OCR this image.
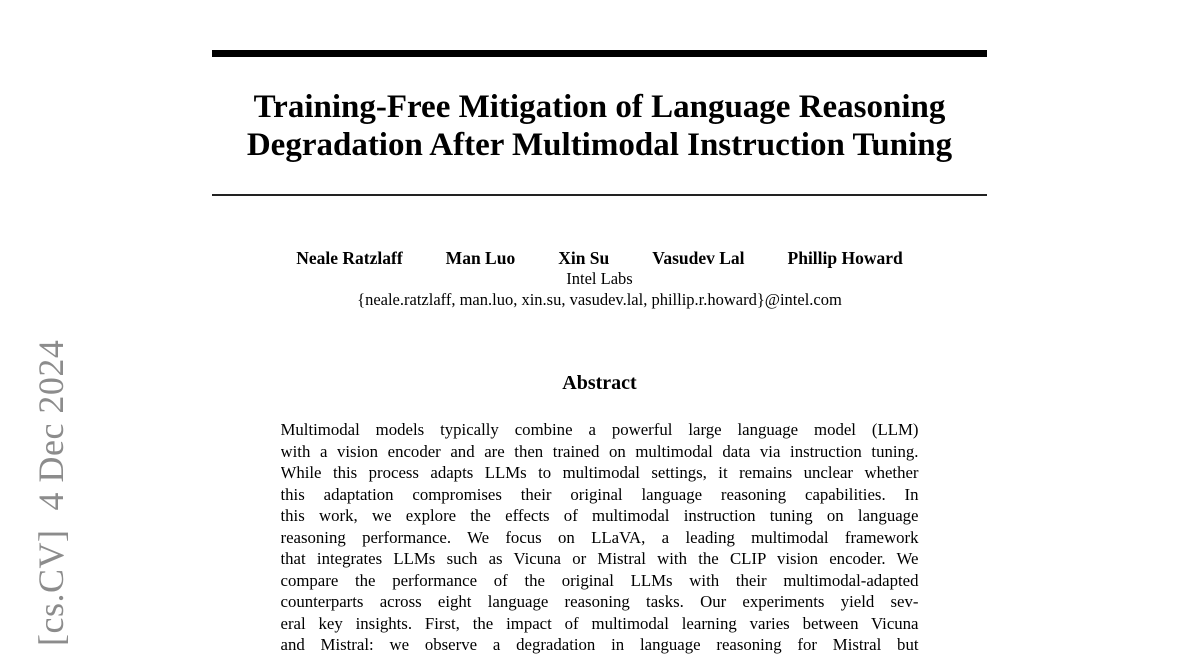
[cs.CV]  4 Dec 2024
Training-Free Mitigation of Language Reasoning
Degradation After Multimodal Instruction Tuning
Neale Ratzlaff Man Luo Xin Su Vasudev Lal Phillip Howard
Intel Labs
{neale.ratzlaff, man.luo, xin.su, vasudev.lal, phillip.r.howard}@intel.com
Abstract
Multimodal models typically combine a powerful large language model (LLM)
with a vision encoder and are then trained on multimodal data via instruction tuning.
While this process adapts LLMs to multimodal settings, it remains unclear whether
this adaptation compromises their original language reasoning capabilities. In
this work, we explore the effects of multimodal instruction tuning on language
reasoning performance. We focus on LLaVA, a leading multimodal framework
that integrates LLMs such as Vicuna or Mistral with the CLIP vision encoder. We
compare the performance of the original LLMs with their multimodal-adapted
counterparts across eight language reasoning tasks. Our experiments yield sev-
eral key insights. First, the impact of multimodal learning varies between Vicuna
and Mistral: we observe a degradation in language reasoning for Mistral but
